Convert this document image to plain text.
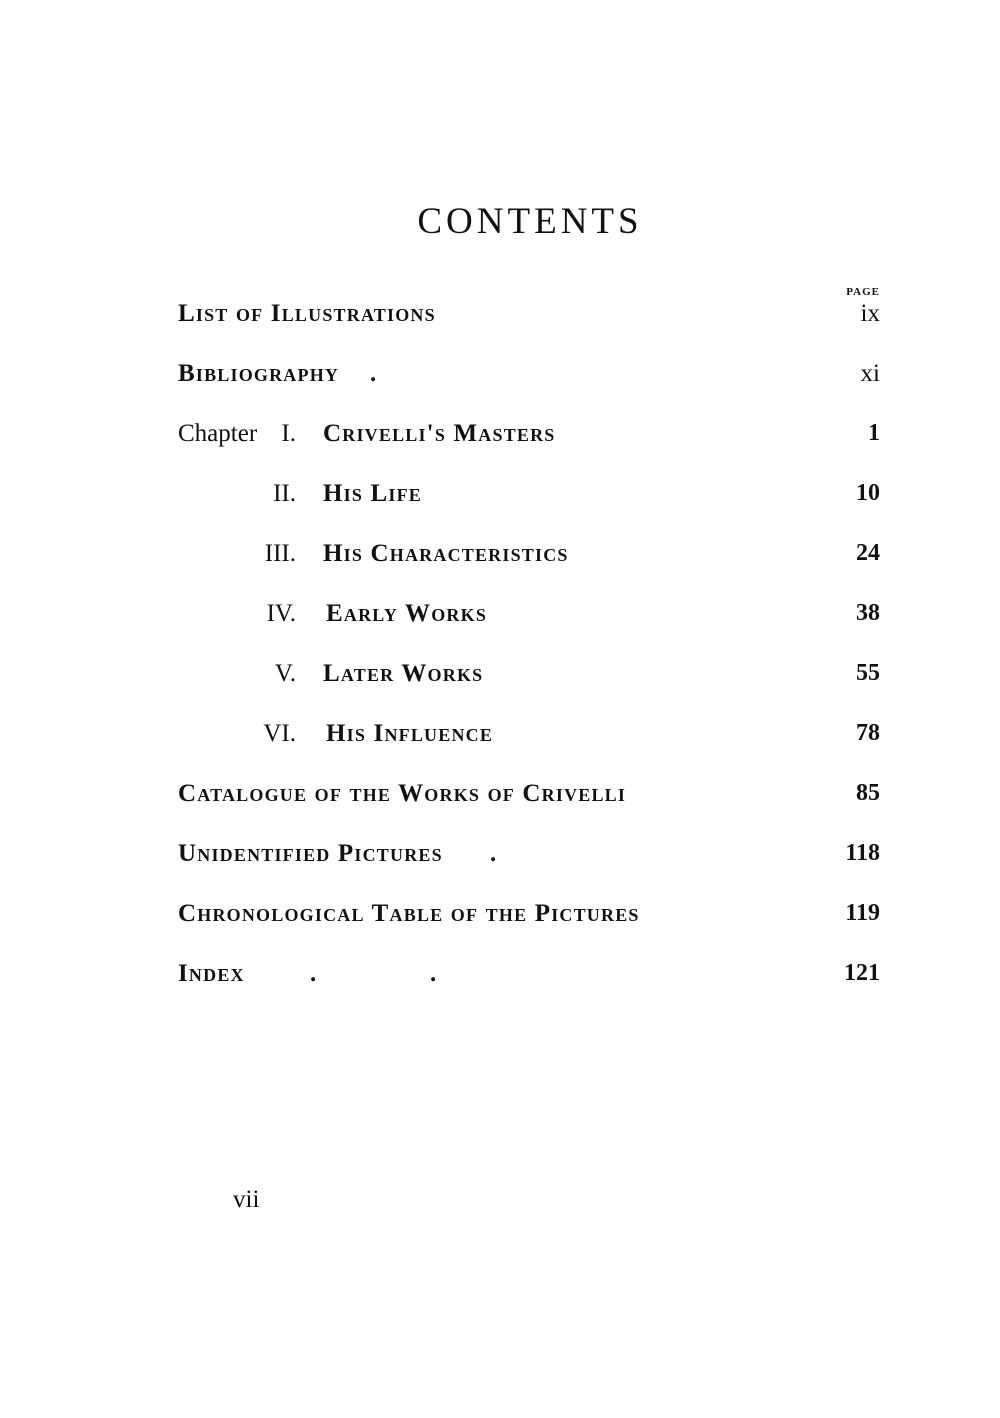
CONTENTS
PAGE
List of Illustrations	ix
Bibliography .	xi
Chapter I. Crivelli's Masters	1
II. His Life	10
III. His Characteristics	24
IV. Early Works	38
V. Later Works	55
VI. His Influence	78
Catalogue of the Works of Crivelli	85
Unidentified Pictures .	118
Chronological Table of the Pictures	119
Index	.	.	121
vii
